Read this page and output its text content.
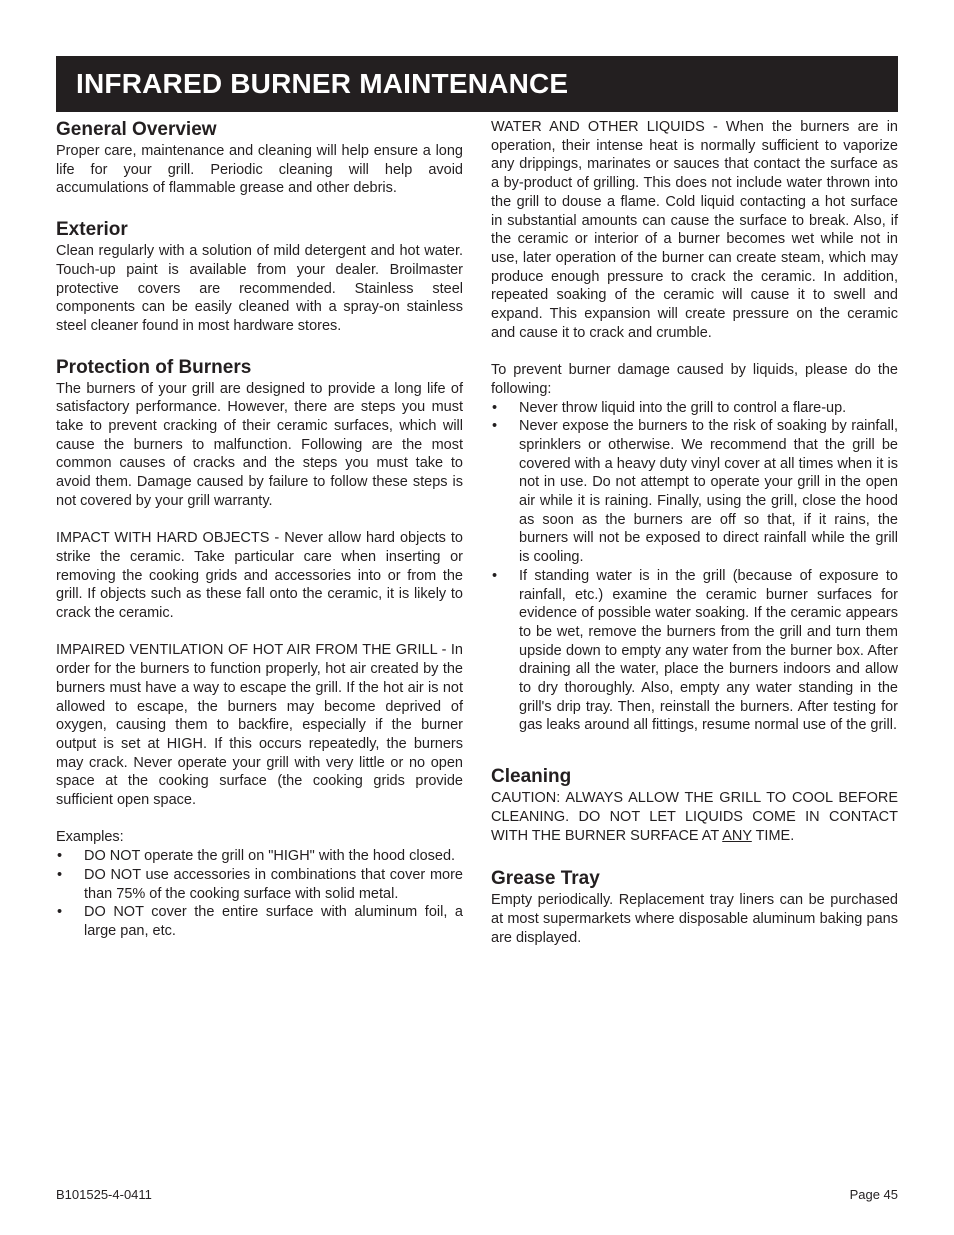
INFRARED BURNER MAINTENANCE
General Overview

Proper care, maintenance and cleaning will help ensure a long life for your grill. Periodic cleaning will help avoid accumulations of flammable grease and other debris.

Exterior

Clean regularly with a solution of mild detergent and hot water. Touch-up paint is available from your dealer. Broilmaster protective covers are recommended. Stainless steel components can be easily cleaned with a spray-on stainless steel cleaner found in most hardware stores.

Protection of Burners

The burners of your grill are designed to provide a long life of satisfactory performance. However, there are steps you must take to prevent cracking of their ceramic surfaces, which will cause the burners to malfunction. Following are the most common causes of cracks and the steps you must take to avoid them. Damage caused by failure to follow these steps is not covered by your grill warranty.

IMPACT WITH HARD OBJECTS - Never allow hard objects to strike the ceramic. Take particular care when inserting or removing the cooking grids and accessories into or from the grill. If objects such as these fall onto the ceramic, it is likely to crack the ceramic.

IMPAIRED VENTILATION OF HOT AIR FROM THE GRILL - In order for the burners to function properly, hot air created by the burners must have a way to escape the grill. If the hot air is not allowed to escape, the burners may become deprived of oxygen, causing them to backfire, especially if the burner output is set at HIGH. If this occurs repeatedly, the burners may crack. Never operate your grill with very little or no open space at the cooking surface (the cooking grids provide sufficient open space.

Examples:

• DO NOT operate the grill on "HIGH" with the hood closed.
• DO NOT use accessories in combinations that cover more than 75% of the cooking surface with solid metal.
• DO NOT cover the entire surface with aluminum foil, a large pan, etc.

WATER AND OTHER LIQUIDS - When the burners are in operation, their intense heat is normally sufficient to vaporize any drippings, marinates or sauces that contact the surface as a by-product of grilling. This does not include water thrown into the grill to douse a flame. Cold liquid contacting a hot surface in substantial amounts can cause the surface to break. Also, if the ceramic or interior of a burner becomes wet while not in use, later operation of the burner can create steam, which may produce enough pressure to crack the ceramic. In addition, repeated soaking of the ceramic will cause it to swell and expand. This expansion will create pressure on the ceramic and cause it to crack and crumble.

To prevent burner damage caused by liquids, please do the following:

• Never throw liquid into the grill to control a flare-up.
• Never expose the burners to the risk of soaking by rainfall, sprinklers or otherwise. We recommend that the grill be covered with a heavy duty vinyl cover at all times when it is not in use. Do not attempt to operate your grill in the open air while it is raining. Finally, using the grill, close the hood as soon as the burners are off so that, if it rains, the burners will not be exposed to direct rainfall while the grill is cooling.
• If standing water is in the grill (because of exposure to rainfall, etc.) examine the ceramic burner surfaces for evidence of possible water soaking. If the ceramic appears to be wet, remove the burners from the grill and turn them upside down to empty any water from the burner box. After draining all the water, place the burners indoors and allow to dry thoroughly. Also, empty any water standing in the grill's drip tray. Then, reinstall the burners. After testing for gas leaks around all fittings, resume normal use of the grill.
Cleaning

CAUTION: ALWAYS ALLOW THE GRILL TO COOL BEFORE CLEANING. DO NOT LET LIQUIDS COME IN CONTACT WITH THE BURNER SURFACE AT ANY TIME.

Grease Tray

Empty periodically. Replacement tray liners can be purchased at most supermarkets where disposable aluminum baking pans are displayed.

B101525-4-0411	Page 45
